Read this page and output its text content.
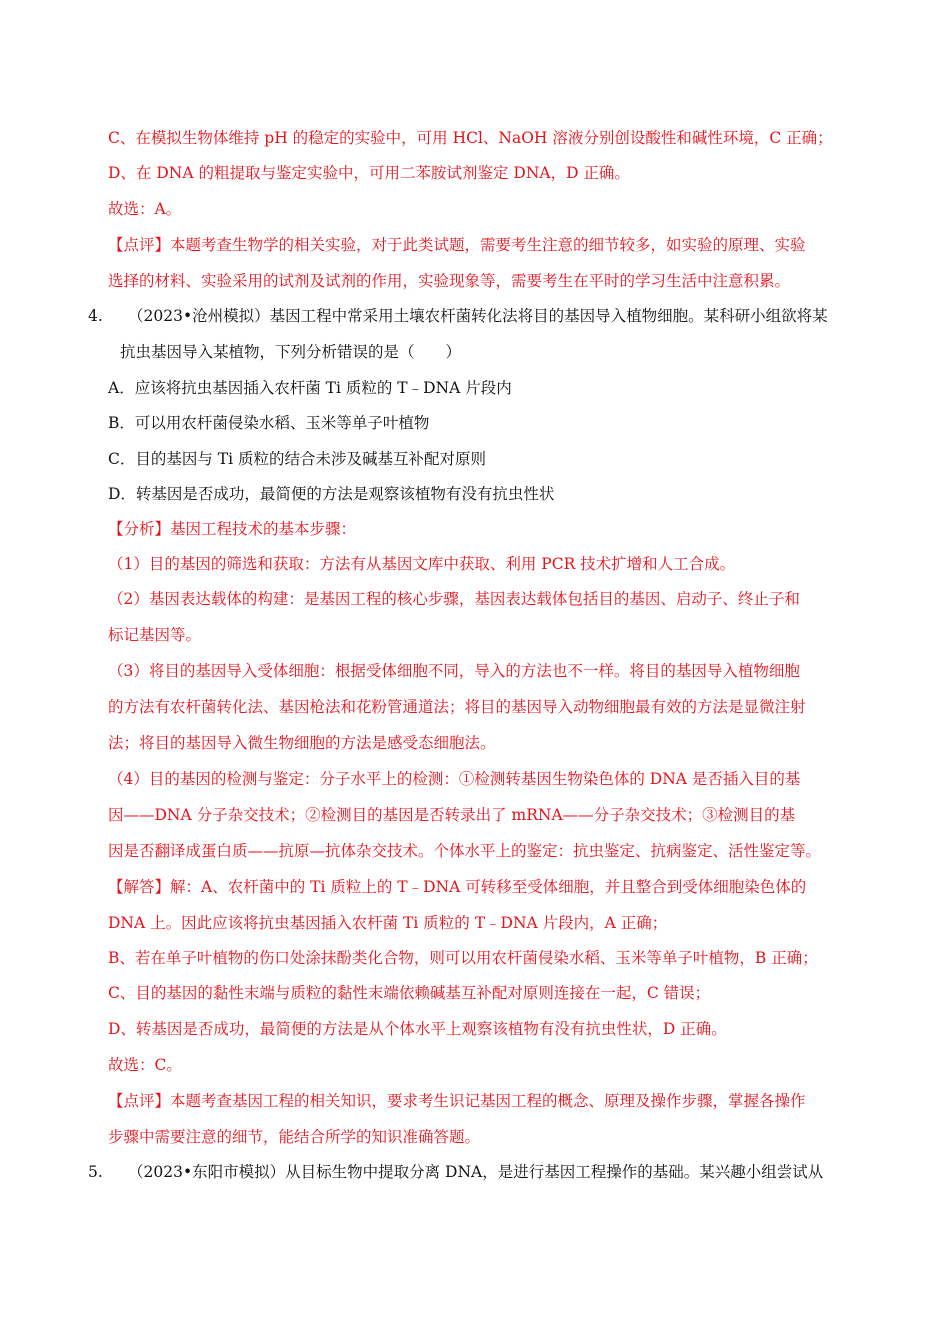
C、在模拟生物体维持 pH 的稳定的实验中，可用 HCl、NaOH 溶液分别创设酸性和碱性环境，C 正确；
D、在 DNA 的粗提取与鉴定实验中，可用二苯胺试剂鉴定 DNA，D 正确。
故选：A。
【点评】本题考查生物学的相关实验，对于此类试题，需要考生注意的细节较多，如实验的原理、实验
选择的材料、实验采用的试剂及试剂的作用，实验现象等，需要考生在平时的学习生活中注意积累。
4. （2023•沧州模拟）基因工程中常采用土壤农杆菌转化法将目的基因导入植物细胞。某科研小组欲将某
抗虫基因导入某植物，下列分析错误的是（　　）
A．应该将抗虫基因插入农杆菌 Ti 质粒的 T﹣DNA 片段内
B．可以用农杆菌侵染水稻、玉米等单子叶植物
C．目的基因与 Ti 质粒的结合未涉及碱基互补配对原则
D．转基因是否成功，最简便的方法是观察该植物有没有抗虫性状
【分析】基因工程技术的基本步骤：
（1）目的基因的筛选和获取：方法有从基因文库中获取、利用 PCR 技术扩增和人工合成。
（2）基因表达载体的构建：是基因工程的核心步骤，基因表达载体包括目的基因、启动子、终止子和
标记基因等。
（3）将目的基因导入受体细胞：根据受体细胞不同，导入的方法也不一样。将目的基因导入植物细胞
的方法有农杆菌转化法、基因枪法和花粉管通道法；将目的基因导入动物细胞最有效的方法是显微注射
法；将目的基因导入微生物细胞的方法是感受态细胞法。
（4）目的基因的检测与鉴定：分子水平上的检测：①检测转基因生物染色体的 DNA 是否插入目的基
因——DNA 分子杂交技术；②检测目的基因是否转录出了 mRNA——分子杂交技术；③检测目的基
因是否翻译成蛋白质——抗原—抗体杂交技术。个体水平上的鉴定：抗虫鉴定、抗病鉴定、活性鉴定等。
【解答】解：A、农杆菌中的 Ti 质粒上的 T﹣DNA 可转移至受体细胞，并且整合到受体细胞染色体的
DNA 上。因此应该将抗虫基因插入农杆菌 Ti 质粒的 T﹣DNA 片段内，A 正确；
B、若在单子叶植物的伤口处涂抹酚类化合物，则可以用农杆菌侵染水稻、玉米等单子叶植物，B 正确；
C、目的基因的黏性末端与质粒的黏性末端依赖碱基互补配对原则连接在一起，C 错误；
D、转基因是否成功，最简便的方法是从个体水平上观察该植物有没有抗虫性状，D 正确。
故选：C。
【点评】本题考查基因工程的相关知识，要求考生识记基因工程的概念、原理及操作步骤，掌握各操作
步骤中需要注意的细节，能结合所学的知识准确答题。
5. （2023•东阳市模拟）从目标生物中提取分离 DNA，是进行基因工程操作的基础。某兴趣小组尝试从
